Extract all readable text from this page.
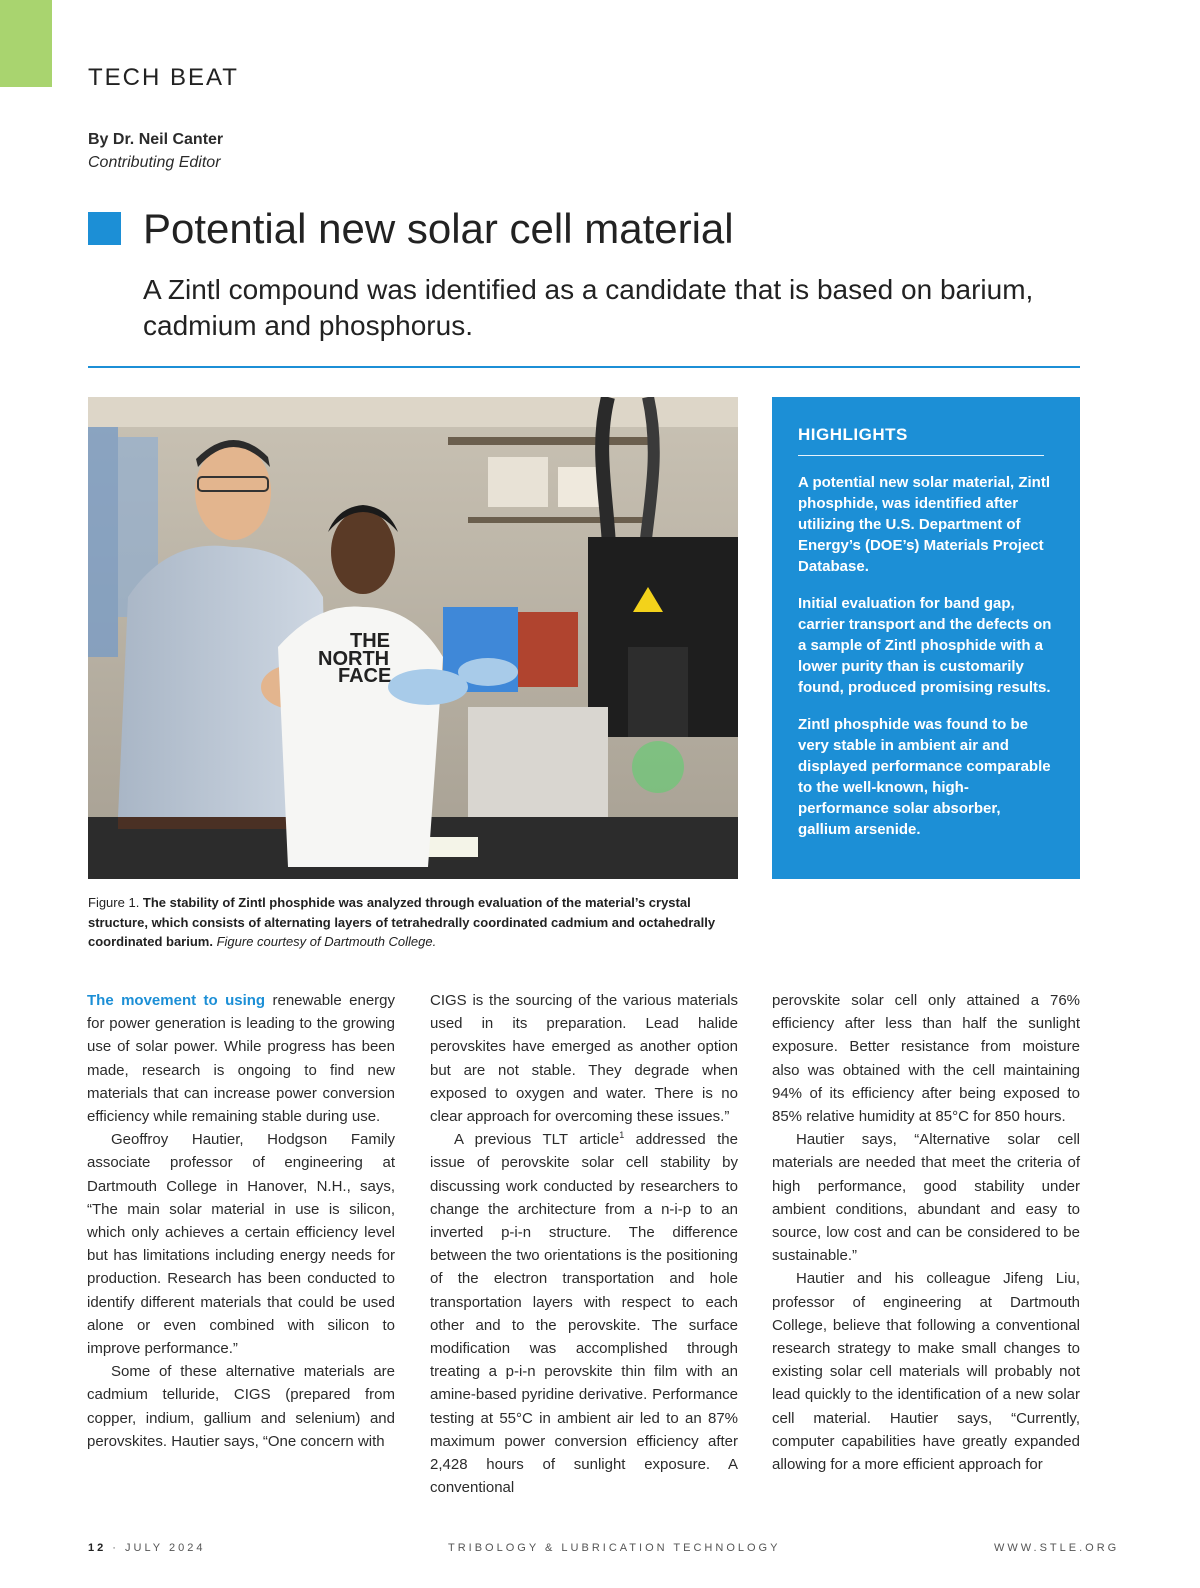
TECH BEAT
By Dr. Neil Canter
Contributing Editor
Potential new solar cell material
A Zintl compound was identified as a candidate that is based on barium, cadmium and phosphorus.
THE
NORTH
FACE
HIGHLIGHTS
A potential new solar material, Zintl phosphide, was identified after utilizing the U.S. Department of Energy’s (DOE’s) Materials Project Database.
Initial evaluation for band gap, carrier transport and the defects on a sample of Zintl phosphide with a lower purity than is customarily found, produced promising results.
Zintl phosphide was found to be very stable in ambient air and displayed performance comparable to the well-known, high-performance solar absorber, gallium arsenide.
Figure 1. The stability of Zintl phosphide was analyzed through evaluation of the material’s crystal structure, which consists of alternating layers of tetrahedrally coordinated cadmium and octahedrally coordinated barium. Figure courtesy of Dartmouth College.

The movement to using renewable energy for power generation is leading to the growing use of solar power. While progress has been made, research is ongoing to find new materials that can increase power conversion efficiency while remaining stable during use.

Geoffroy Hautier, Hodgson Family associate professor of engineering at Dartmouth College in Hanover, N.H., says, “The main solar material in use is silicon, which only achieves a certain efficiency level but has limitations including energy needs for production. Research has been conducted to identify different materials that could be used alone or even combined with silicon to improve performance.”

Some of these alternative materials are cadmium telluride, CIGS (prepared from copper, indium, gallium and selenium) and perovskites. Hautier says, “One concern with

CIGS is the sourcing of the various materials used in its preparation. Lead halide perovskites have emerged as another option but are not stable. They degrade when exposed to oxygen and water. There is no clear approach for overcoming these issues.”

A previous TLT article$^1$ addressed the issue of perovskite solar cell stability by discussing work conducted by researchers to change the architecture from a n-i-p to an inverted p-i-n structure. The difference between the two orientations is the positioning of the electron transportation and hole transportation layers with respect to each other and to the perovskite. The surface modification was accomplished through treating a p-i-n perovskite thin film with an amine-based pyridine derivative. Performance testing at 55°C in ambient air led to an 87% maximum power conversion efficiency after 2,428 hours of sunlight exposure. A conventional

perovskite solar cell only attained a 76% efficiency after less than half the sunlight exposure. Better resistance from moisture also was obtained with the cell maintaining 94% of its efficiency after being exposed to 85% relative humidity at 85°C for 850 hours.

Hautier says, “Alternative solar cell materials are needed that meet the criteria of high performance, good stability under ambient conditions, abundant and easy to source, low cost and can be considered to be sustainable.”

Hautier and his colleague Jifeng Liu, professor of engineering at Dartmouth College, believe that following a conventional research strategy to make small changes to existing solar cell materials will probably not lead quickly to the identification of a new solar cell material. Hautier says, “Currently, computer capabilities have greatly expanded allowing for a more efficient approach for

12 · JULY 2024	TRIBOLOGY & LUBRICATION TECHNOLOGY	WWW.STLE.ORG
